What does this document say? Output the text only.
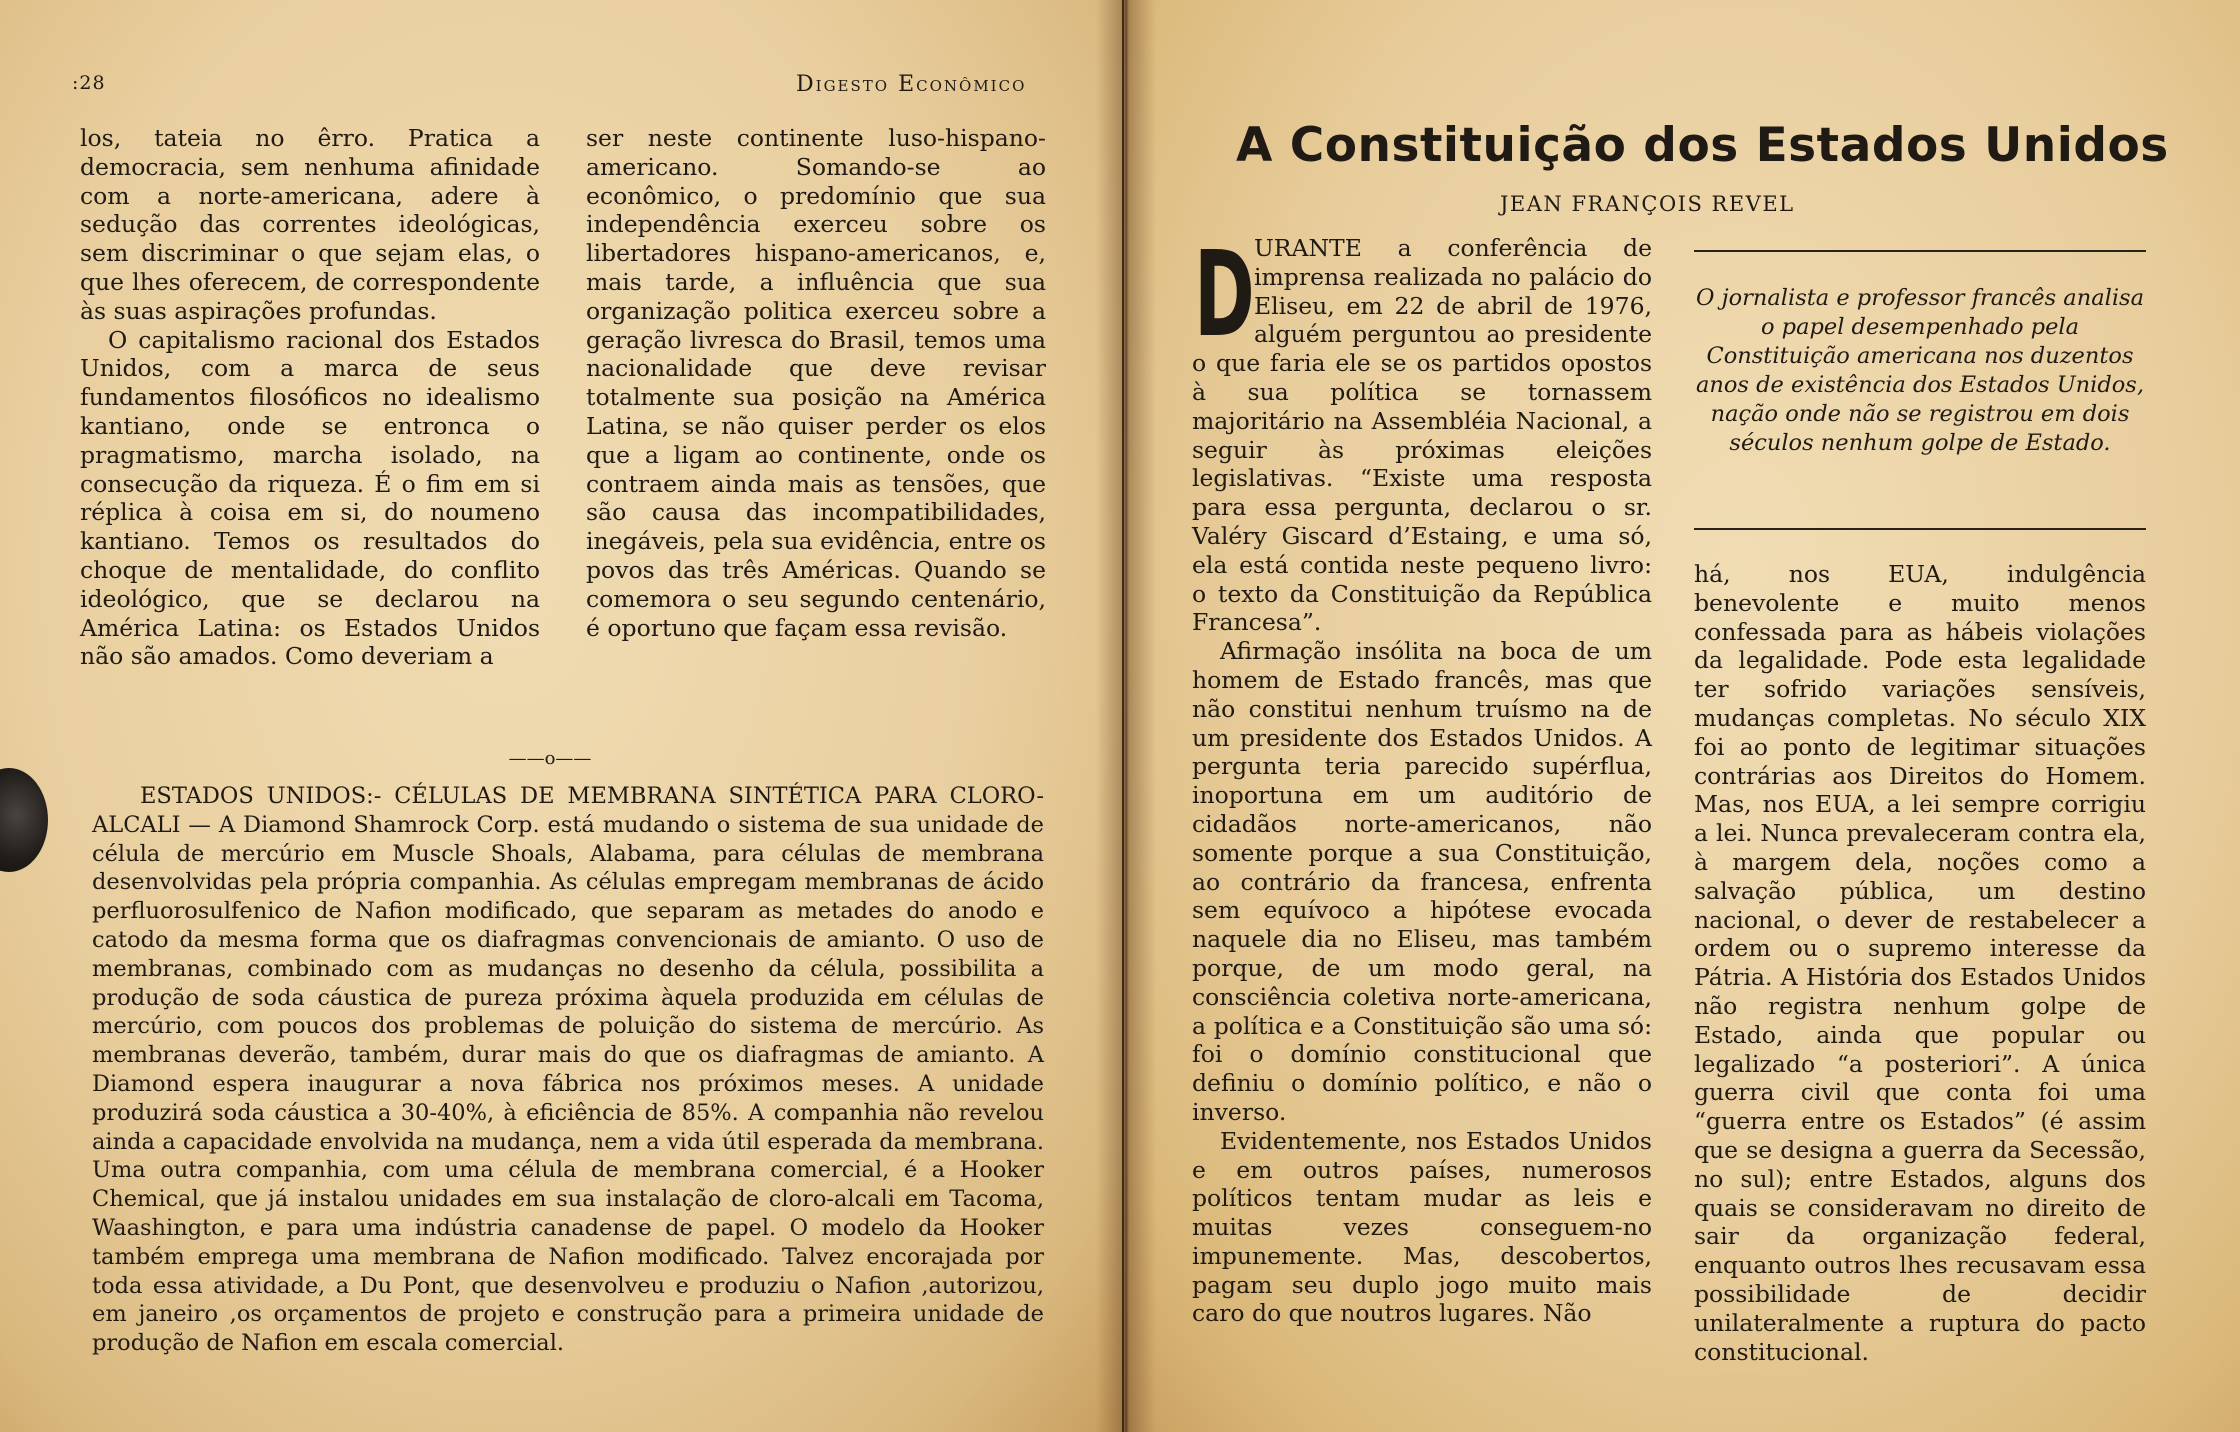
:28	Digesto Econômico

los, tateia no êrro. Pratica a democracia, sem nenhuma afinidade com a norte-americana, adere à sedução das correntes ideológicas, sem discriminar o que sejam elas, o que lhes oferecem, de correspondente às suas aspirações profundas.

O capitalismo racional dos Estados Unidos, com a marca de seus fundamentos filosóficos no idealismo kantiano, onde se entronca o pragmatismo, marcha isolado, na consecução da riqueza. É o fim em si réplica à coisa em si, do noumeno kantiano. Temos os resultados do choque de mentalidade, do conflito ideológico, que se declarou na América Latina: os Estados Unidos não são amados. Como deveriam a

ser neste continente luso-hispano-americano. Somando-se ao econômico, o predomínio que sua independência exerceu sobre os libertadores hispano-americanos, e, mais tarde, a influência que sua organização politica exerceu sobre a geração livresca do Brasil, temos uma nacionalidade que deve revisar totalmente sua posição na América Latina, se não quiser perder os elos que a ligam ao continente, onde os contraem ainda mais as tensões, que são causa das incompatibilidades, inegáveis, pela sua evidência, entre os povos das três Américas. Quando se comemora o seu segundo centenário, é oportuno que façam essa revisão.

——o——

ESTADOS UNIDOS:- CÉLULAS DE MEMBRANA SINTÉTICA PARA CLORO-ALCALI — A Diamond Shamrock Corp. está mudando o sistema de sua unidade de célula de mercúrio em Muscle Shoals, Alabama, para células de membrana desenvolvidas pela própria companhia. As células empregam membranas de ácido perfluorosulfenico de Nafion modificado, que separam as metades do anodo e catodo da mesma forma que os diafragmas convencionais de amianto. O uso de membranas, combinado com as mudanças no desenho da célula, possibilita a produção de soda cáustica de pureza próxima àquela produzida em células de mercúrio, com poucos dos problemas de poluição do sistema de mercúrio. As membranas deverão, também, durar mais do que os diafragmas de amianto. A Diamond espera inaugurar a nova fábrica nos próximos meses. A unidade produzirá soda cáustica a 30-40%, à eficiência de 85%. A companhia não revelou ainda a capacidade envolvida na mudança, nem a vida útil esperada da membrana. Uma outra companhia, com uma célula de membrana comercial, é a Hooker Chemical, que já instalou unidades em sua instalação de cloro-alcali em Tacoma, Waashington, e para uma indústria canadense de papel. O modelo da Hooker também emprega uma membrana de Nafion modificado. Talvez encorajada por toda essa atividade, a Du Pont, que desenvolveu e produziu o Nafion ,autorizou, em janeiro ,os orçamentos de projeto e construção para a primeira unidade de produção de Nafion em escala comercial.

A Constituição dos Estados Unidos
JEAN FRANÇOIS REVEL

DURANTE a conferência de imprensa realizada no palácio do Eliseu, em 22 de abril de 1976, alguém perguntou ao presidente o que faria ele se os partidos opostos à sua política se tornassem majoritário na Assembléia Nacional, a seguir às próximas eleições legislativas. “Existe uma resposta para essa pergunta, declarou o sr. Valéry Giscard d’Estaing, e uma só, ela está contida neste pequeno livro: o texto da Constituição da República Francesa”.

Afirmação insólita na boca de um homem de Estado francês, mas que não constitui nenhum truísmo na de um presidente dos Estados Unidos. A pergunta teria parecido supérflua, inoportuna em um auditório de cidadãos norte-americanos, não somente porque a sua Constituição, ao contrário da francesa, enfrenta sem equívoco a hipótese evocada naquele dia no Eliseu, mas também porque, de um modo geral, na consciência coletiva norte-americana, a política e a Constituição são uma só: foi o domínio constitucional que definiu o domínio político, e não o inverso.

Evidentemente, nos Estados Unidos e em outros países, numerosos políticos tentam mudar as leis e muitas vezes conseguem-no impunemente. Mas, descobertos, pagam seu duplo jogo muito mais caro do que noutros lugares. Não

O jornalista e professor francês analisa o papel desempenhado pela Constituição americana nos duzentos anos de existência dos Estados Unidos, nação onde não se registrou em dois séculos nenhum golpe de Estado.

há, nos EUA, indulgência benevolente e muito menos confessada para as hábeis violações da legalidade. Pode esta legalidade ter sofrido variações sensíveis, mudanças completas. No século XIX foi ao ponto de legitimar situações contrárias aos Direitos do Homem. Mas, nos EUA, a lei sempre corrigiu a lei. Nunca prevaleceram contra ela, à margem dela, noções como a salvação pública, um destino nacional, o dever de restabelecer a ordem ou o supremo interesse da Pátria. A História dos Estados Unidos não registra nenhum golpe de Estado, ainda que popular ou legalizado “a posteriori”. A única guerra civil que conta foi uma “guerra entre os Estados” (é assim que se designa a guerra da Secessão, no sul); entre Estados, alguns dos quais se consideravam no direito de sair da organização federal, enquanto outros lhes recusavam essa possibilidade de decidir unilateralmente a ruptura do pacto constitucional.
